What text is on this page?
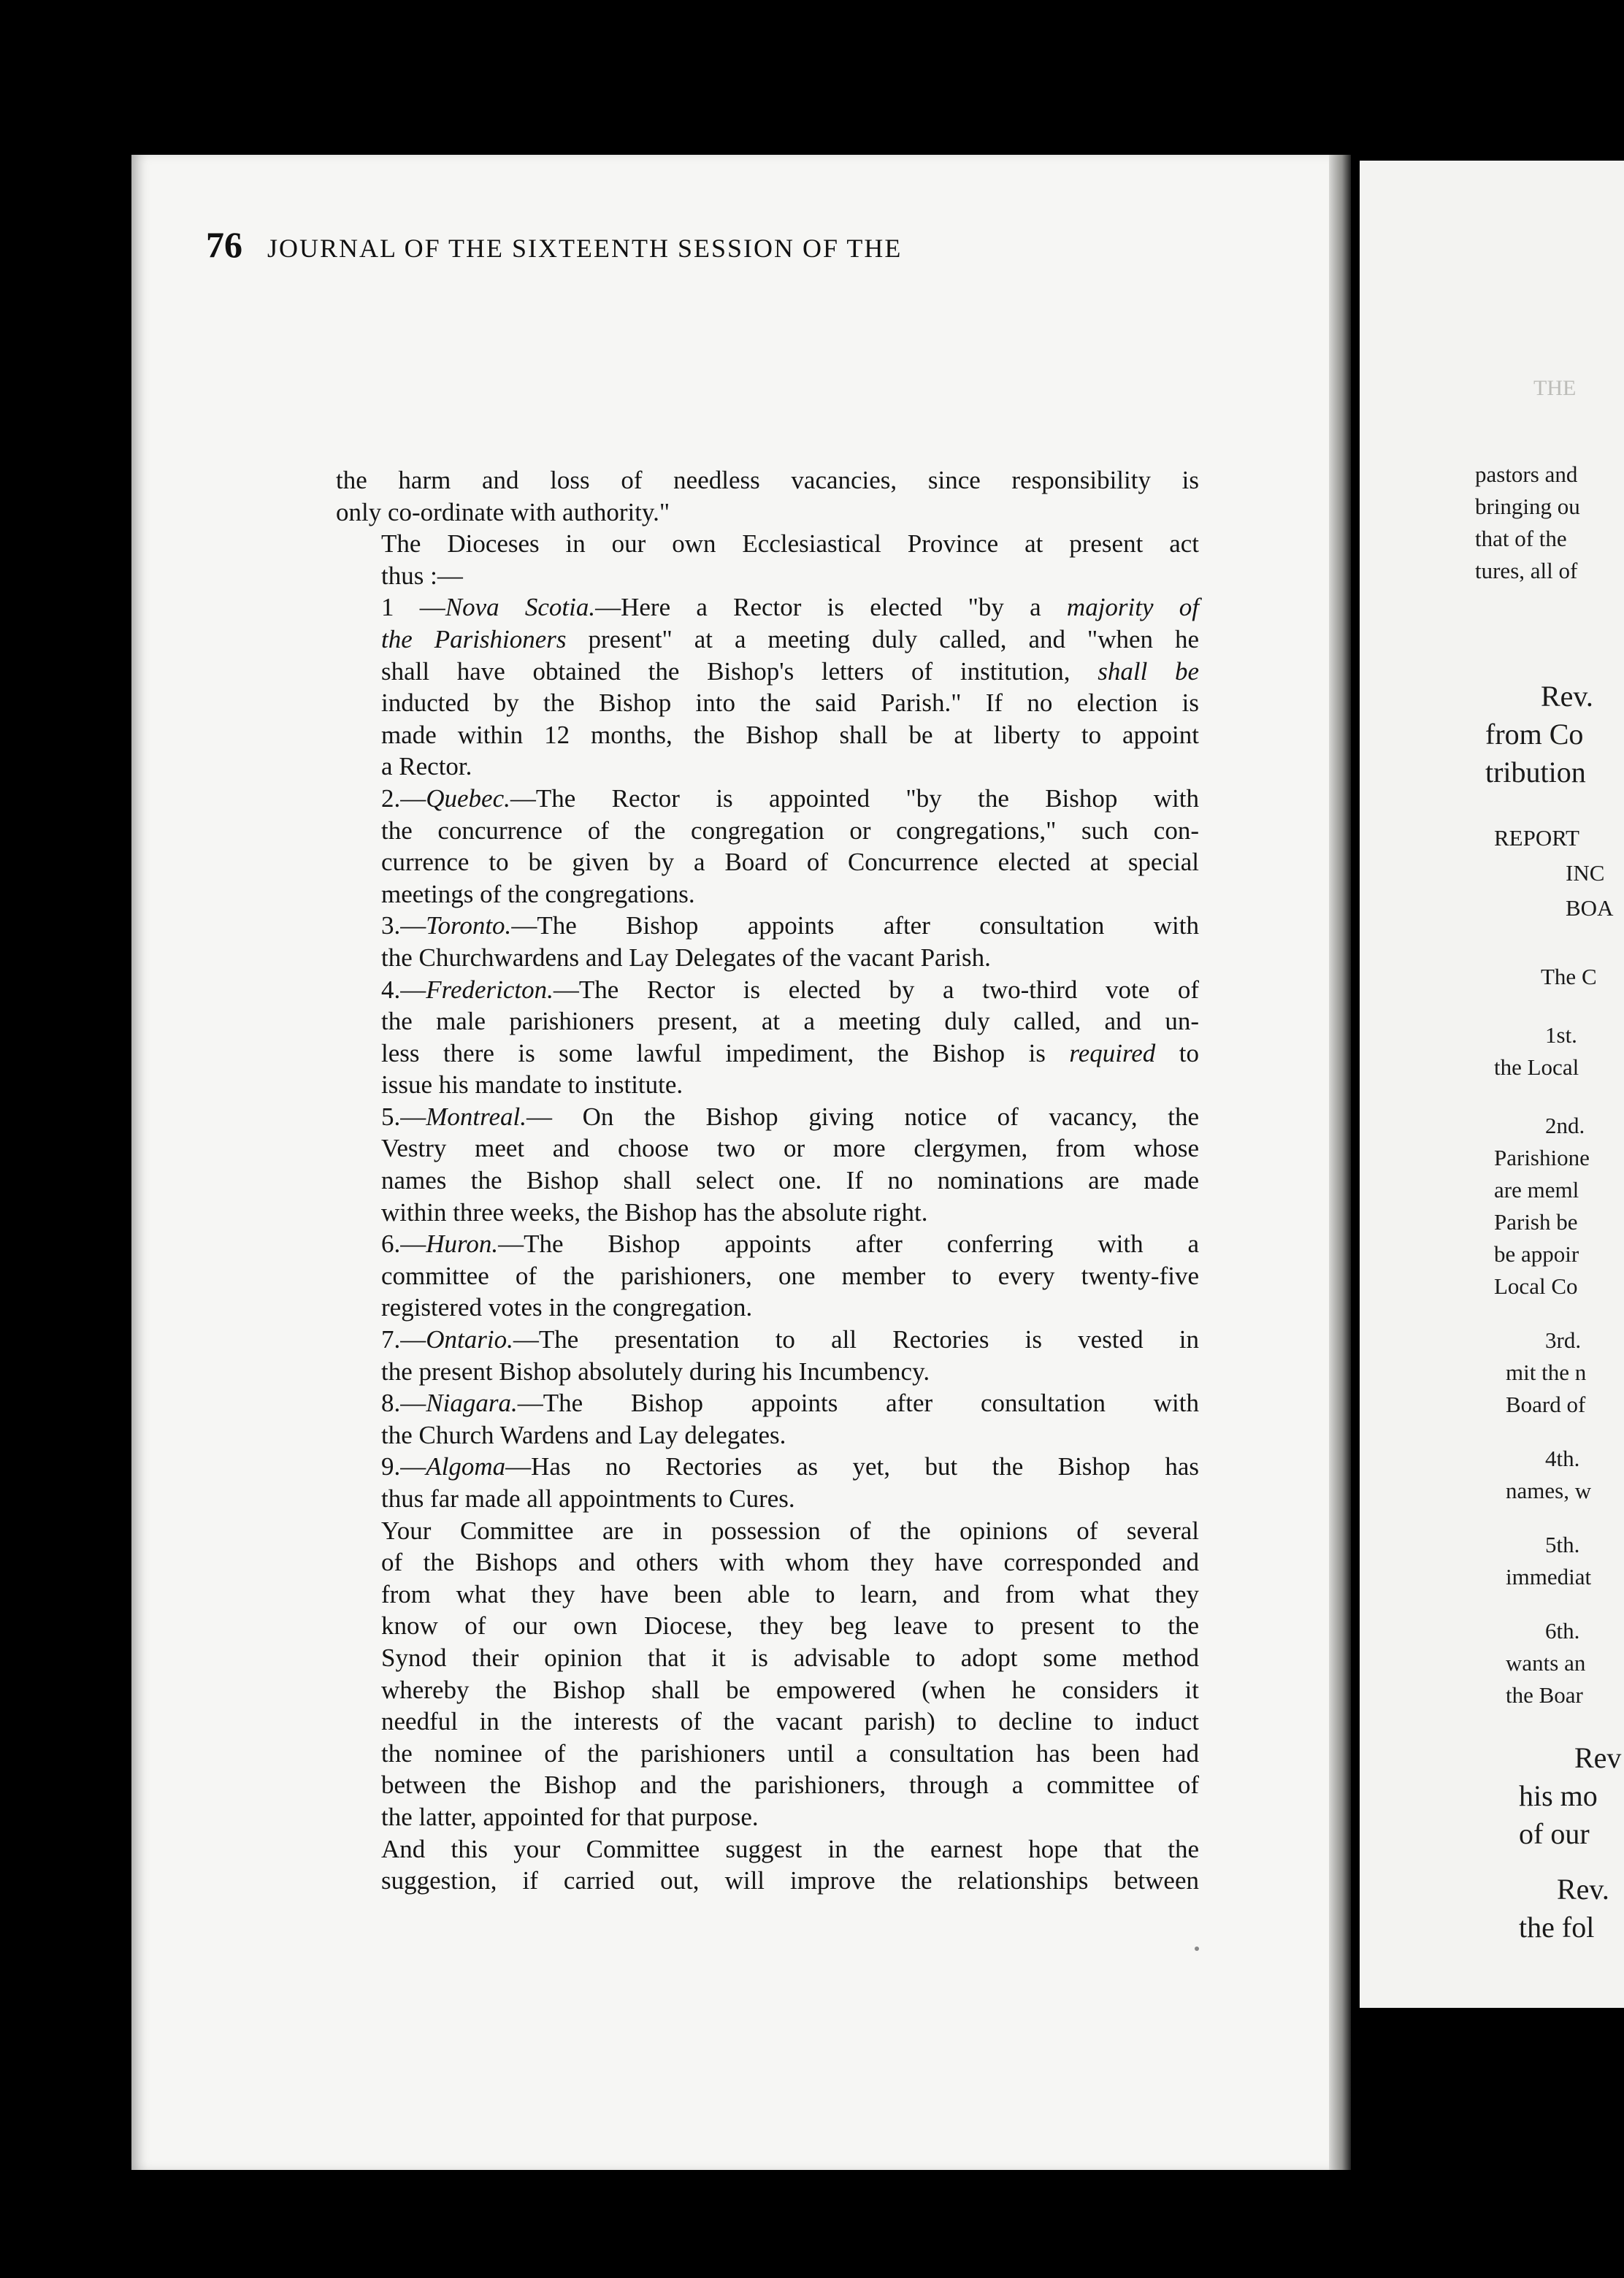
76 JOURNAL OF THE SIXTEENTH SESSION OF THE

the harm and loss of needless vacancies, since responsibility is
only co-ordinate with authority."

The Dioceses in our own Ecclesiastical Province at present act
thus :—

1 —Nova Scotia.—Here a Rector is elected "by a majority of
the Parishioners present" at a meeting duly called, and "when he
shall have obtained the Bishop's letters of institution, shall be
inducted by the Bishop into the said Parish." If no election is
made within 12 months, the Bishop shall be at liberty to appoint
a Rector.

2.—Quebec.—The Rector is appointed "by the Bishop with
the concurrence of the congregation or congregations," such con-
currence to be given by a Board of Concurrence elected at special
meetings of the congregations.

3.—Toronto.—The Bishop appoints after consultation with
the Churchwardens and Lay Delegates of the vacant Parish.

4.—Fredericton.—The Rector is elected by a two-third vote of
the male parishioners present, at a meeting duly called, and un-
less there is some lawful impediment, the Bishop is required to
issue his mandate to institute.

5.—Montreal.— On the Bishop giving notice of vacancy, the
Vestry meet and choose two or more clergymen, from whose
names the Bishop shall select one. If no nominations are made
within three weeks, the Bishop has the absolute right.

6.—Huron.—The Bishop appoints after conferring with a
committee of the parishioners, one member to every twenty-five
registered votes in the congregation.

7.—Ontario.—The presentation to all Rectories is vested in
the present Bishop absolutely during his Incumbency.

8.—Niagara.—The Bishop appoints after consultation with
the Church Wardens and Lay delegates.

9.—Algoma—Has no Rectories as yet, but the Bishop has
thus far made all appointments to Cures.

Your Committee are in possession of the opinions of several
of the Bishops and others with whom they have corresponded and
from what they have been able to learn, and from what they
know of our own Diocese, they beg leave to present to the
Synod their opinion that it is advisable to adopt some method
whereby the Bishop shall be empowered (when he considers it
needful in the interests of the vacant parish) to decline to induct
the nominee of the parishioners until a consultation has been had
between the Bishop and the parishioners, through a committee of
the latter, appointed for that purpose.

And this your Committee suggest in the earnest hope that the
suggestion, if carried out, will improve the relationships between

THE
pastors and
bringing ou
that of the
tures, all of
Rev.
from Co
tribution
REPORT
INC
BOA
The C
1st.
the Local
2nd.
Parishione
are meml
Parish be
be appoir
Local Co
3rd.
mit the n
Board of
4th.
names, w
5th.
immediat
6th.
wants an
the Boar
Rev
his mo
of our
Rev.
the fol
